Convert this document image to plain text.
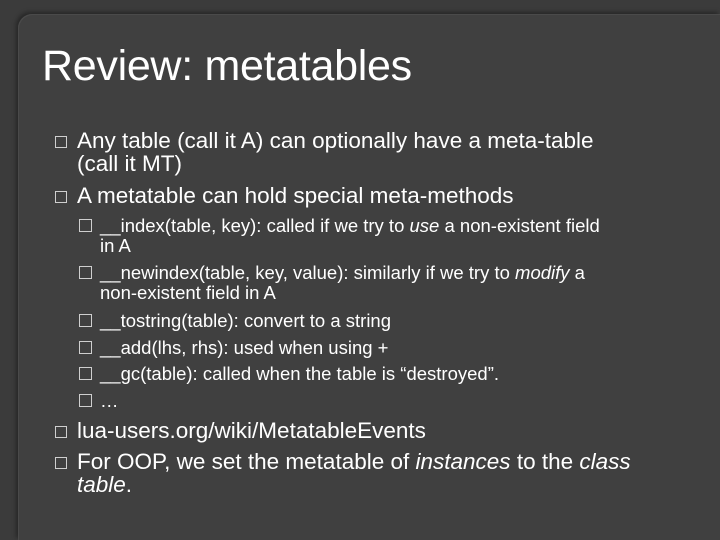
Review: metatables
Any table (call it A) can optionally have a meta-table (call it MT)
A metatable can hold special meta-methods
__index(table, key): called if we try to use a non-existent field in A
__newindex(table, key, value): similarly if we try to modify a non-existent field in A
__tostring(table): convert to a string
__add(lhs, rhs): used when using +
__gc(table): called when the table is “destroyed”.
…
lua-users.org/wiki/MetatableEvents
For OOP, we set the metatable of instances to the class table.
